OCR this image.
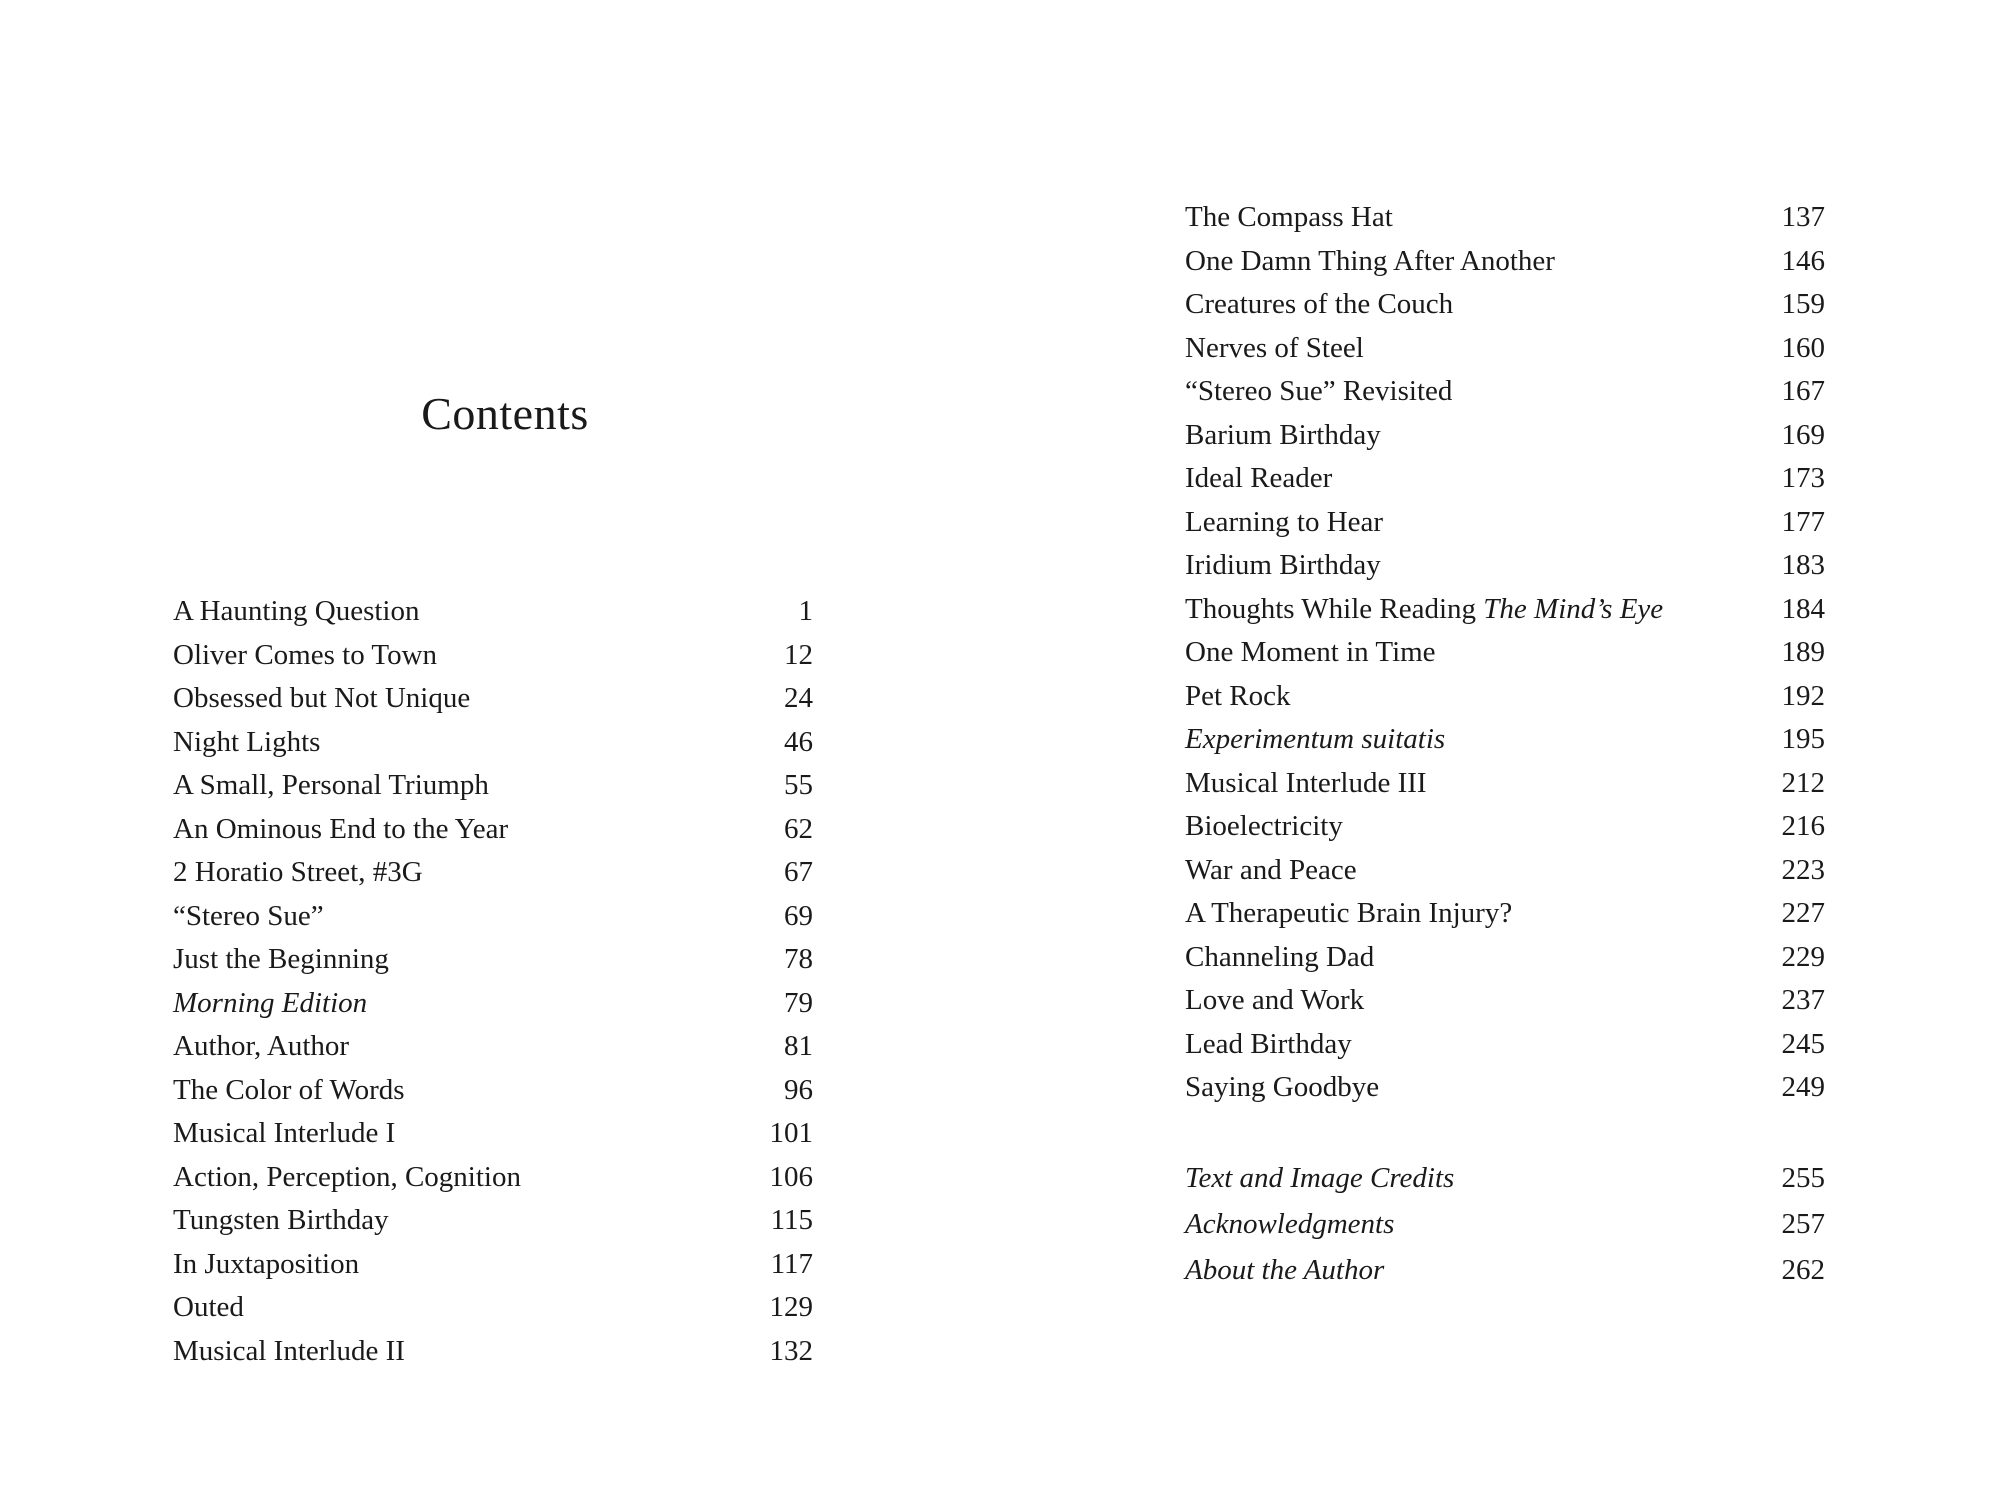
Contents
A Haunting Question	1
Oliver Comes to Town	12
Obsessed but Not Unique	24
Night Lights	46
A Small, Personal Triumph	55
An Ominous End to the Year	62
2 Horatio Street, #3G	67
“Stereo Sue”	69
Just the Beginning	78
Morning Edition	79
Author, Author	81
The Color of Words	96
Musical Interlude I	101
Action, Perception, Cognition	106
Tungsten Birthday	115
In Juxtaposition	117
Outed	129
Musical Interlude II	132
The Compass Hat	137
One Damn Thing After Another	146
Creatures of the Couch	159
Nerves of Steel	160
“Stereo Sue” Revisited	167
Barium Birthday	169
Ideal Reader	173
Learning to Hear	177
Iridium Birthday	183
Thoughts While Reading The Mind’s Eye	184
One Moment in Time	189
Pet Rock	192
Experimentum suitatis	195
Musical Interlude III	212
Bioelectricity	216
War and Peace	223
A Therapeutic Brain Injury?	227
Channeling Dad	229
Love and Work	237
Lead Birthday	245
Saying Goodbye	249
Text and Image Credits	255
Acknowledgments	257
About the Author	262
